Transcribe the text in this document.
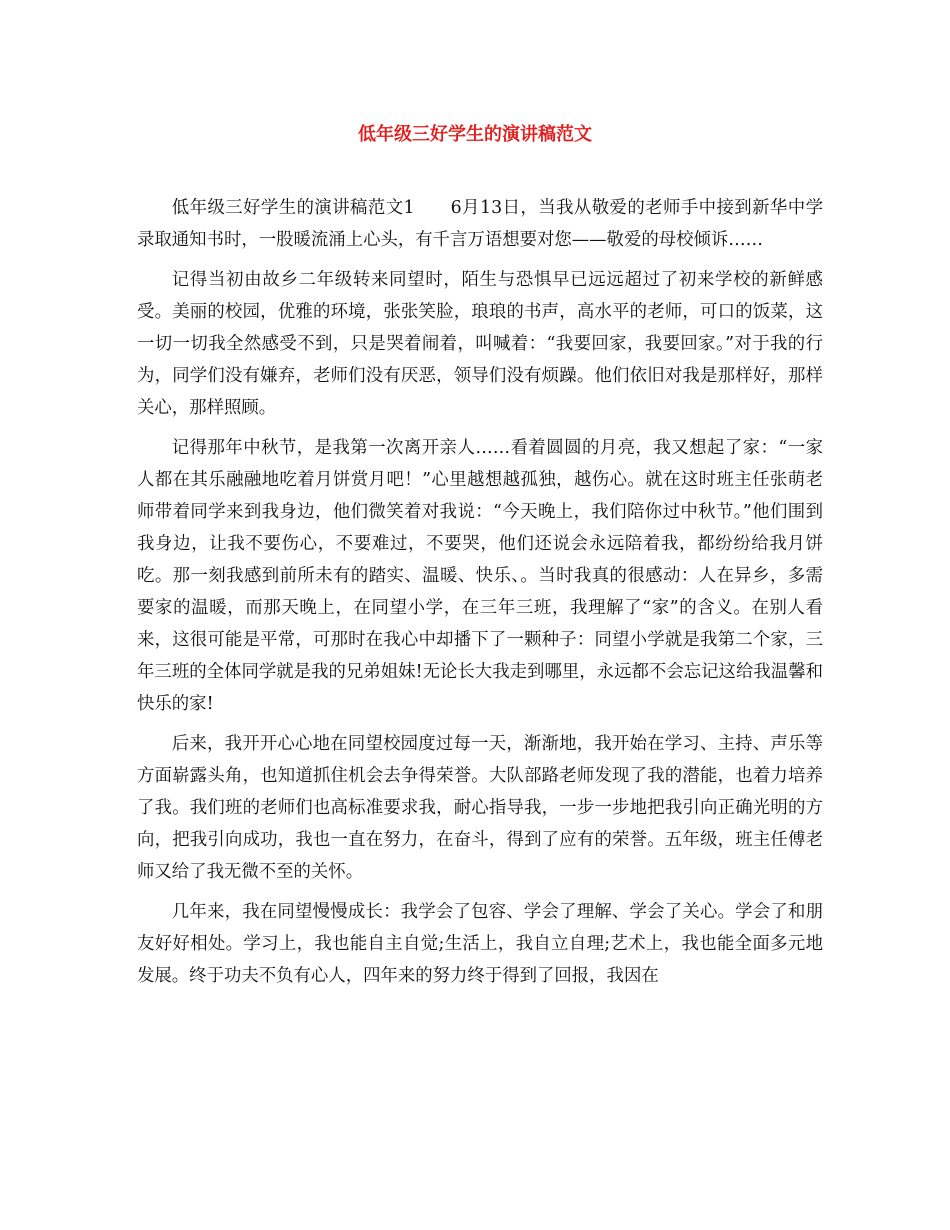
低年级三好学生的演讲稿范文

低年级三好学生的演讲稿范文1　　6月13日，当我从敬爱的老师手中接到新华中学录取通知书时，一股暖流涌上心头，有千言万语想要对您——敬爱的母校倾诉……

记得当初由故乡二年级转来同望时，陌生与恐惧早已远远超过了初来学校的新鲜感受。美丽的校园，优雅的环境，张张笑脸，琅琅的书声，高水平的老师，可口的饭菜，这一切一切我全然感受不到，只是哭着闹着，叫喊着：“我要回家，我要回家。”对于我的行为，同学们没有嫌弃，老师们没有厌恶，领导们没有烦躁。他们依旧对我是那样好，那样关心，那样照顾。

记得那年中秋节，是我第一次离开亲人……看着圆圆的月亮，我又想起了家：“一家人都在其乐融融地吃着月饼赏月吧！”心里越想越孤独，越伤心。就在这时班主任张萌老师带着同学来到我身边，他们微笑着对我说：“今天晚上，我们陪你过中秋节。”他们围到我身边，让我不要伤心，不要难过，不要哭，他们还说会永远陪着我，都纷纷给我月饼吃。那一刻我感到前所未有的踏实、温暖、快乐、。当时我真的很感动：人在异乡，多需要家的温暖，而那天晚上，在同望小学，在三年三班，我理解了“家”的含义。在别人看来，这很可能是平常，可那时在我心中却播下了一颗种子：同望小学就是我第二个家，三年三班的全体同学就是我的兄弟姐妹!无论长大我走到哪里，永远都不会忘记这给我温馨和快乐的家!

后来，我开开心心地在同望校园度过每一天，渐渐地，我开始在学习、主持、声乐等方面崭露头角，也知道抓住机会去争得荣誉。大队部路老师发现了我的潜能，也着力培养了我。我们班的老师们也高标准要求我，耐心指导我，一步一步地把我引向正确光明的方向，把我引向成功，我也一直在努力，在奋斗，得到了应有的荣誉。五年级，班主任傅老师又给了我无微不至的关怀。

几年来，我在同望慢慢成长：我学会了包容、学会了理解、学会了关心。学会了和朋友好好相处。学习上，我也能自主自觉;生活上，我自立自理;艺术上，我也能全面多元地发展。终于功夫不负有心人，四年来的努力终于得到了回报，我因在
